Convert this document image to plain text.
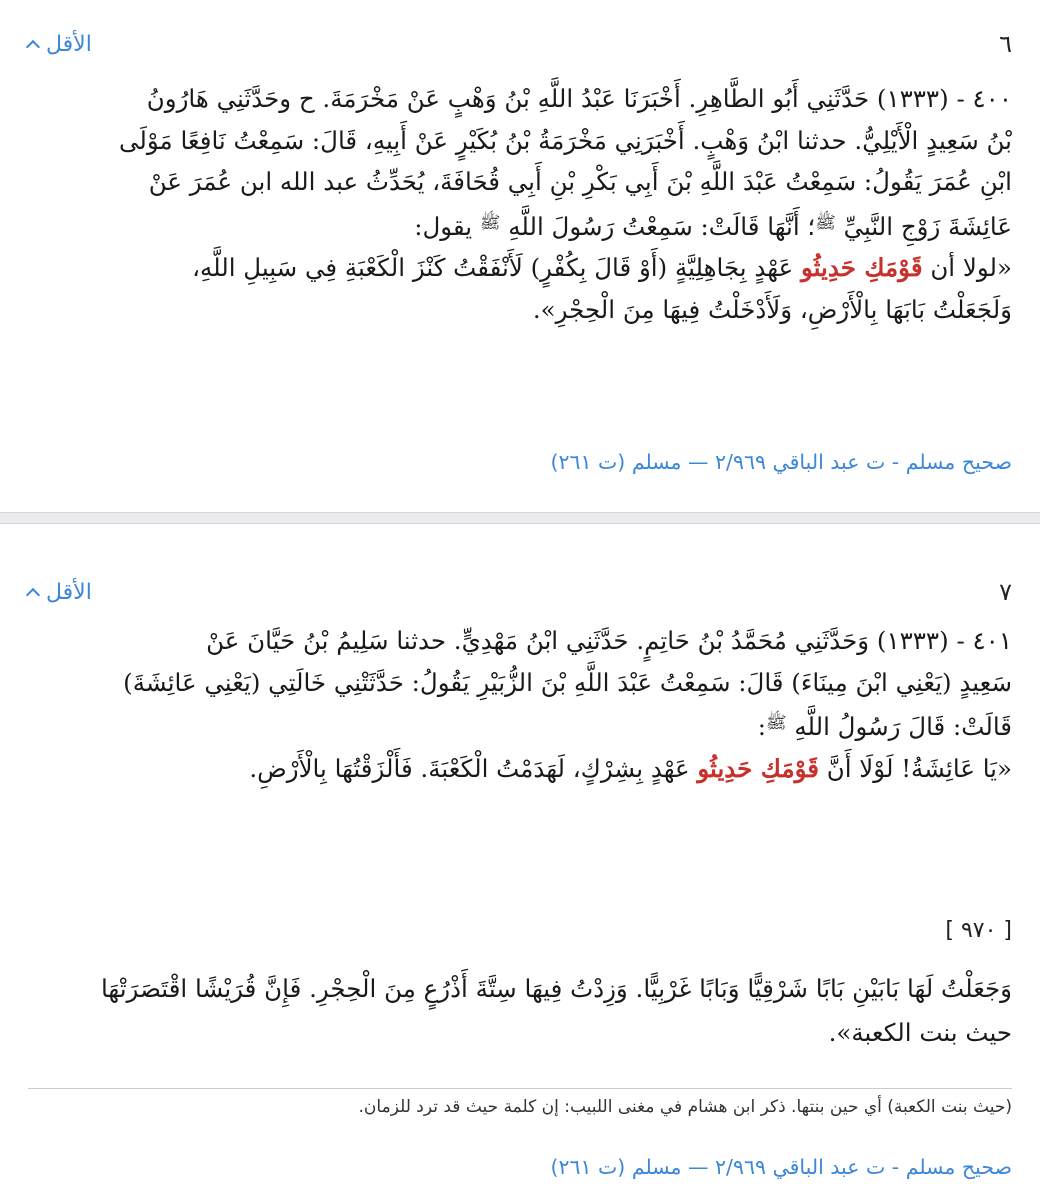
الأقل	٦

٤٠٠ - (١٣٣٣) حَدَّثَنِي أَبُو الطَّاهِرِ. أَخْبَرَنَا عَبْدُ اللَّهِ بْنُ وَهْبٍ عَنْ مَخْرَمَةَ. ح وحَدَّثَنِي هَارُونُ

بْنُ سَعِيدٍ الْأَيْلِيُّ. حدثنا ابْنُ وَهْبٍ. أَخْبَرَنِي مَخْرَمَةُ بْنُ بُكَيْرٍ عَنْ أَبِيهِ، قَالَ: سَمِعْتُ نَافِعًا مَوْلَى

ابْنِ عُمَرَ يَقُولُ: سَمِعْتُ عَبْدَ اللَّهِ بْنَ أَبِي بَكْرِ بْنِ أَبِي قُحَافَةَ، يُحَدِّثُ عبد الله ابن عُمَرَ عَنْ

عَائِشَةَ زَوْجِ النَّبِيِّ $^ﷺ$؛ أَنَّهَا قَالَتْ: سَمِعْتُ رَسُولَ اللَّهِ $^ﷺ$ يقول:

«لولا أن قَوْمَكِ حَدِيثُو عَهْدٍ بِجَاهِلِيَّةٍ (أَوْ قَالَ بِكُفْرٍ) لَأَنْفَقْتُ كَنْزَ الْكَعْبَةِ فِي سَبِيلِ اللَّهِ،

وَلَجَعَلْتُ بَابَهَا بِالْأَرْضِ، وَلَأَدْخَلْتُ فِيهَا مِنَ الْحِجْرِ».

صحيح مسلم - ت عبد الباقي ٢/٩٦٩ — مسلم (ت ٢٦١)
الأقل	٧

٤٠١ - (١٣٣٣) وَحَدَّثَنِي مُحَمَّدُ بْنُ حَاتِمٍ. حَدَّثَنِي ابْنُ مَهْدِيٍّ. حدثنا سَلِيمُ بْنُ حَيَّانَ عَنْ

سَعِيدٍ (يَعْنِي ابْنَ مِينَاءَ) قَالَ: سَمِعْتُ عَبْدَ اللَّهِ بْنَ الزُّبَيْرِ يَقُولُ: حَدَّثَتْنِي خَالَتِي (يَعْنِي عَائِشَةَ)

قَالَتْ: قَالَ رَسُولُ اللَّهِ $^ﷺ$:

«يَا عَائِشَةُ! لَوْلَا أَنَّ قَوْمَكِ حَدِيثُو عَهْدٍ بِشِرْكٍ، لَهَدَمْتُ الْكَعْبَةَ. فَأَلْزَقْتُهَا بِالْأَرْضِ.

[ ٩٧٠ ]

وَجَعَلْتُ لَهَا بَابَيْنِ بَابًا شَرْقِيًّا وَبَابًا غَرْبِيًّا. وَزِدْتُ فِيهَا سِتَّةَ أَذْرُعٍ مِنَ الْحِجْرِ. فَإِنَّ قُرَيْشًا اقْتَصَرَتْهَا

حيث بنت الكعبة».

(حيث بنت الكعبة) أي حين بنتها. ذكر ابن هشام في مغنى اللبيب: إن كلمة حيث قد ترد للزمان.
صحيح مسلم - ت عبد الباقي ٢/٩٦٩ — مسلم (ت ٢٦١)
